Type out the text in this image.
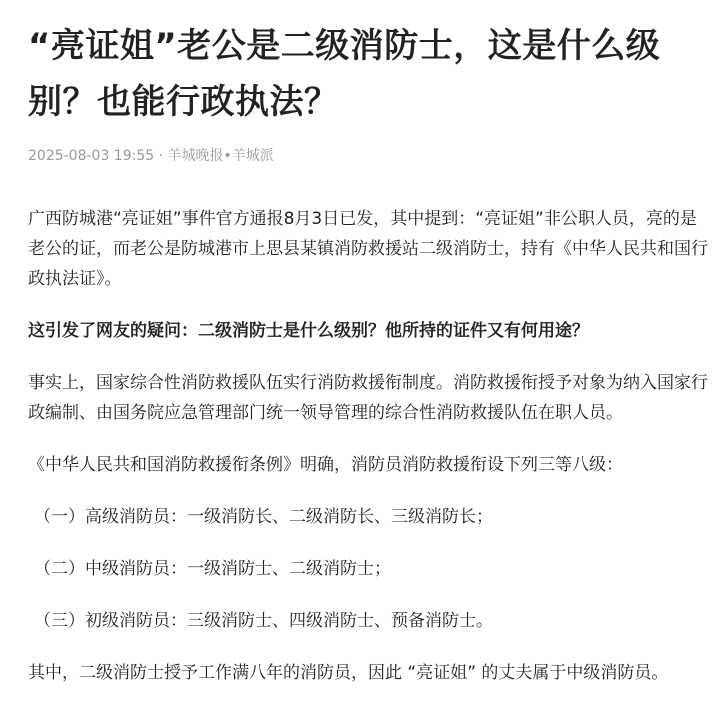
“亮证姐”老公是二级消防士，这是什么级别？也能行政执法？
2025-08-03 19:55 · 羊城晚报•羊城派

广西防城港“亮证姐”事件官方通报8月3日已发，其中提到：“亮证姐”非公职人员，亮的是老公的证，而老公是防城港市上思县某镇消防救援站二级消防士，持有《中华人民共和国行政执法证》。

这引发了网友的疑问：二级消防士是什么级别？他所持的证件又有何用途？

事实上，国家综合性消防救援队伍实行消防救援衔制度。消防救援衔授予对象为纳入国家行政编制、由国务院应急管理部门统一领导管理的综合性消防救援队伍在职人员。

《中华人民共和国消防救援衔条例》明确，消防员消防救援衔设下列三等八级：

（一）高级消防员：一级消防长、二级消防长、三级消防长；

（二）中级消防员：一级消防士、二级消防士；

（三）初级消防员：三级消防士、四级消防士、预备消防士。

其中，二级消防士授予工作满八年的消防员，因此 “亮证姐” 的丈夫属于中级消防员。
